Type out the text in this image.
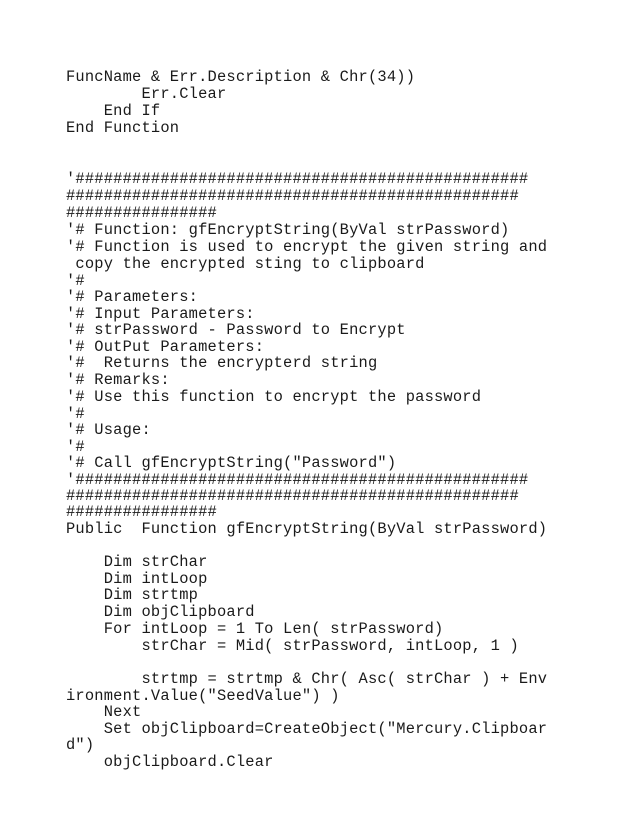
FuncName & Err.Description & Chr(34))
Err.Clear
End If
End Function
'################################################
################################################
################
'# Function: gfEncryptString(ByVal strPassword)
'# Function is used to encrypt the given string and
copy the encrypted sting to clipboard
'#
'# Parameters:
'# Input Parameters:
'# strPassword - Password to Encrypt
'# OutPut Parameters:
'#  Returns the encrypterd string
'# Remarks:
'# Use this function to encrypt the password
'#
'# Usage:
'#
'# Call gfEncryptString("Password")
'################################################
################################################
################
Public  Function gfEncryptString(ByVal strPassword)
Dim strChar
Dim intLoop
Dim strtmp
Dim objClipboard
For intLoop = 1 To Len( strPassword)
strChar = Mid( strPassword, intLoop, 1 )
strtmp = strtmp & Chr( Asc( strChar ) + Env
ironment.Value("SeedValue") )
Next
Set objClipboard=CreateObject("Mercury.Clipboar
d")
objClipboard.Clear
